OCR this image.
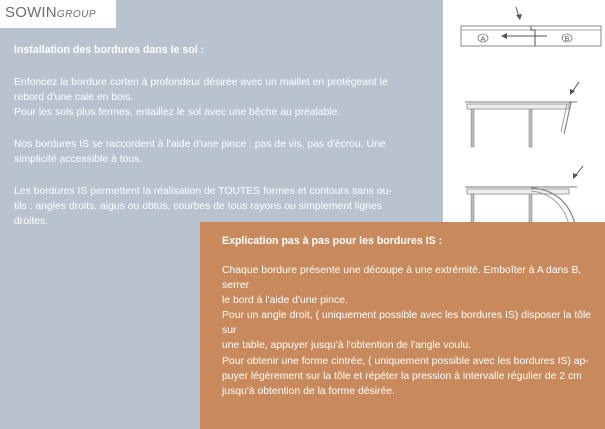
SOWINGROUP

Installation des bordures dans le sol :

Enfoncez la bordure corten à profondeur désirée avec un maillet en protégeant le

rebord d'une cale en bois.

Pour les sols plus fermes, entaillez le sol avec une bêche au préalable.

Nos bordures IS se raccordent à l'aide d'une pince : pas de vis, pas d'écrou. Une

simplicité accessible à tous.

Les bordures IS permettent la réalisation de TOUTES formes et contours sans ou-

tils : angles droits, aigus ou obtus, courbes de tous rayons ou simplement lignes

droites.

A	B

Explication pas à pas pour les bordures IS :

Chaque bordure présente une découpe à une extrémité. Emboîter à A dans B, serrer

le bord à l'aide d'une pince.

Pour un angle droit, ( uniquement possible avec les bordures IS) disposer la tôle sur

une table, appuyer jusqu'à l'obtention de l'angle voulu.

Pour obtenir une forme cintrée, ( uniquement possible avec les bordures IS) ap-

puyer légèrement sur la tôle et répéter la pression à intervalle régulier de 2 cm

jusqu'à obtention de la forme désirée.
